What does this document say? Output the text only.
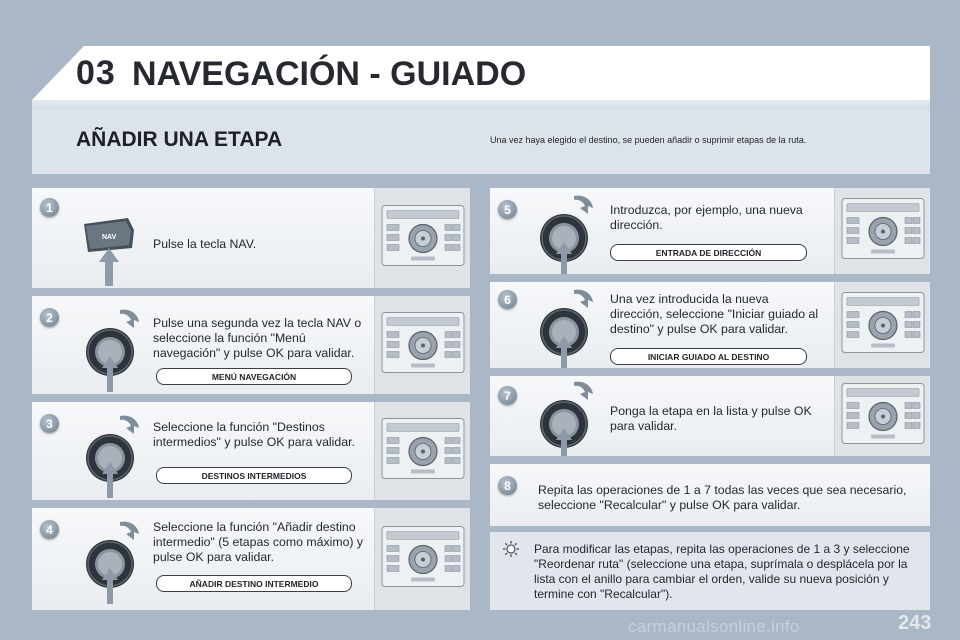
03 NAVEGACIÓN - GUIADO
AÑADIR UNA ETAPA	Una vez haya elegido el destino, se pueden añadir o suprimir etapas de la ruta.
1
NAV	Pulse la tecla NAV.
2	Pulse una segunda vez la tecla NAV o seleccione la función "Menú navegación" y pulse OK para validar.
MENÚ NAVEGACIÓN
3	Seleccione la función "Destinos intermedios" y pulse OK para validar.
DESTINOS INTERMEDIOS
4	Seleccione la función "Añadir destino intermedio" (5 etapas como máximo) y pulse OK para validar.
AÑADIR DESTINO INTERMEDIO
5	Introduzca, por ejemplo, una nueva dirección.
ENTRADA DE DIRECCIÓN
6	Una vez introducida la nueva dirección, seleccione "Iniciar guiado al destino" y pulse OK para validar.
INICIAR GUIADO AL DESTINO
7
Ponga la etapa en la lista y pulse OK para validar.
8	Repita las operaciones de 1 a 7 todas las veces que sea necesario, seleccione "Recalcular" y pulse OK para validar.
Para modificar las etapas, repita las operaciones de 1 a 3 y seleccione "Reordenar ruta" (seleccione una etapa, suprímala o desplácela por la lista con el anillo para cambiar el orden, valide su nueva posición y termine con "Recalcular").
carmanualsonline.info	243
